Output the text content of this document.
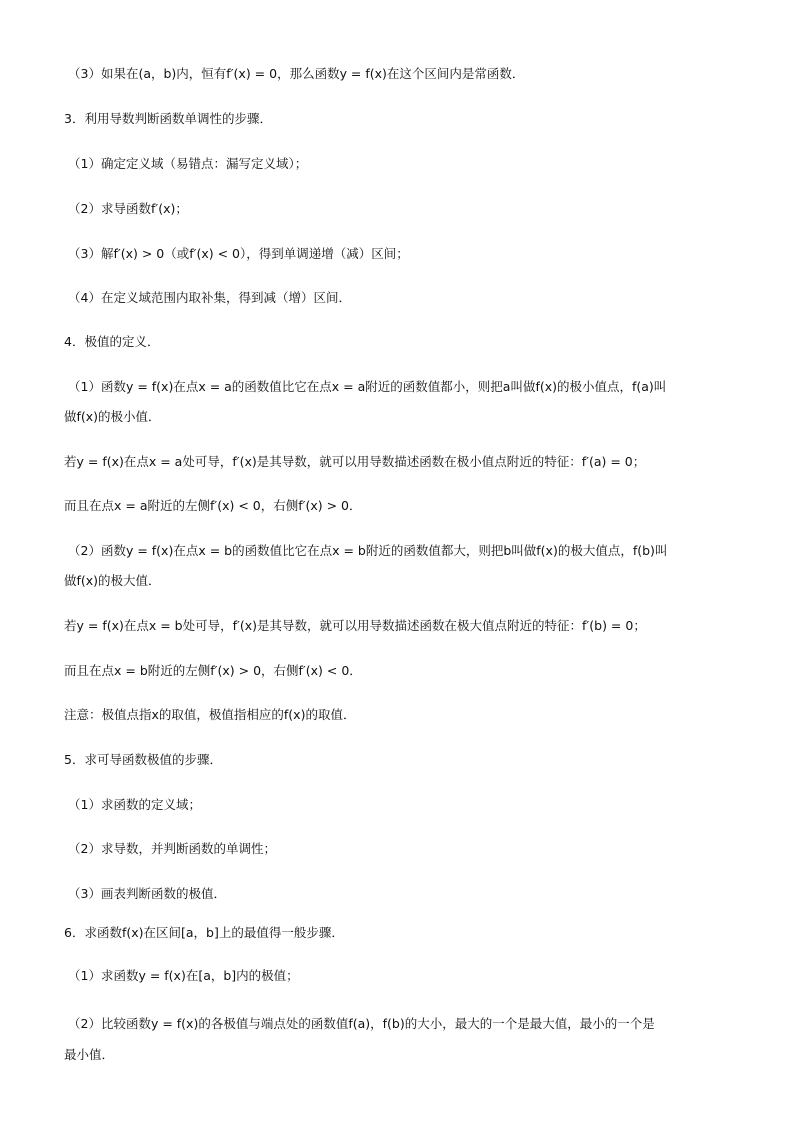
（3）如果在(a，b)内，恒有f′(x) = 0，那么函数y = f(x)在这个区间内是常函数．
3．利用导数判断函数单调性的步骤．
（1）确定定义域（易错点：漏写定义域）；
（2）求导函数f′(x)；
（3）解f′(x) > 0（或f′(x) < 0），得到单调递增（减）区间；
（4）在定义域范围内取补集，得到减（增）区间．
4．极值的定义．
（1）函数y = f(x)在点x = a的函数值比它在点x = a附近的函数值都小，则把a叫做f(x)的极小值点，f(a)叫
做f(x)的极小值．
若y = f(x)在点x = a处可导，f′(x)是其导数，就可以用导数描述函数在极小值点附近的特征：f′(a) = 0；
而且在点x = a附近的左侧f′(x) < 0，右侧f′(x) > 0．
（2）函数y = f(x)在点x = b的函数值比它在点x = b附近的函数值都大，则把b叫做f(x)的极大值点，f(b)叫
做f(x)的极大值．
若y = f(x)在点x = b处可导，f′(x)是其导数，就可以用导数描述函数在极大值点附近的特征：f′(b) = 0；
而且在点x = b附近的左侧f′(x) > 0，右侧f′(x) < 0．
注意：极值点指x的取值，极值指相应的f(x)的取值．
5．求可导函数极值的步骤．
（1）求函数的定义域；
（2）求导数，并判断函数的单调性；
（3）画表判断函数的极值．
6．求函数f(x)在区间[a，b]上的最值得一般步骤．
（1）求函数y = f(x)在[a，b]内的极值；
（2）比较函数y = f(x)的各极值与端点处的函数值f(a)，f(b)的大小，最大的一个是最大值，最小的一个是
最小值．
